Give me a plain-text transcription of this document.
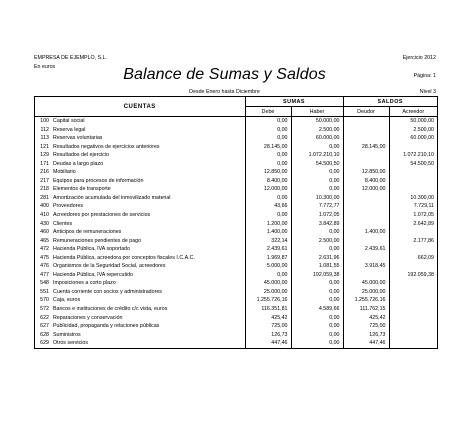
EMPRESA DE EJEMPLO, S.L.
En euros
Ejercicio 2012
Página: 1
Balance de Sumas y Saldos
Desde Enero hasta Diciembre	Nivel 3
CUENTAS		SUMAS		SALDOS	
		Debe	Haber	Deudor	Acreedor
100	Capital social	0,00	50.000,00		50.000,00
112	Reserva legal	0,00	2.500,00		2.500,00
113	Reservas voluntarias	0,00	60.000,00		60.000,00
121	Resultados negativos de ejercicios anteriores	28.145,00	0,00	28.145,00	
129	Resultados del ejercicio	0,00	1.072.210,10		1.072.210,10
171	Deudas a largo plazo	0,00	54.500,50		54.500,50
216	Mobiliario	12.850,00	0,00	12.850,00	
217	Equipos para procesos de información	8.400,00	0,00	8.400,00	
218	Elementos de transporte	12.000,00	0,00	12.000,00	
281	Amortización acumulada del inmovilizado material	0,00	10.300,00		10.300,00
400	Proveedores	43,66	7.772,77		7.729,11
410	Acreedores por prestaciones de servicios	0,00	1.072,05		1.072,05
430	Clientes	1.200,00	3.842,89		2.642,89
460	Anticipos de remuneraciones	1.400,00	0,00	1.400,00	
465	Remuneraciones pendientes de pago	322,14	2.500,00		2.177,86
472	Hacienda Pública, IVA soportado	2.439,61	0,00	2.439,61	
475	Hacienda Pública, acreedora por conceptos fiscales I.C.A.C.	1.969,87	2.631,96		662,09
476	Organismos de la Seguridad Social, acreedores	5.000,00	1.081,55	3.918,45	
477	Hacienda Pública, IVA repercutido	0,00	192.059,38		192.059,38
548	Imposiciones a corto plazo	45.000,00	0,00	45.000,00	
551	Cuenta corriente con socios y administradores	25.000,00	0,00	25.000,00	
570	Caja, euros	1.255.726,16	0,00	1.255.726,16	
572	Bancos e instituciones de crédito c/c vista, euros	116.351,81	4.589,66	111.762,15	
622	Reparaciones y conservación	425,42	0,00	425,42	
627	Publicidad, propaganda y relaciones públicas	725,00	0,00	725,00	
628	Suministros	126,73	0,00	126,73	
629	Otros servicios	447,46	0,00	447,46	
